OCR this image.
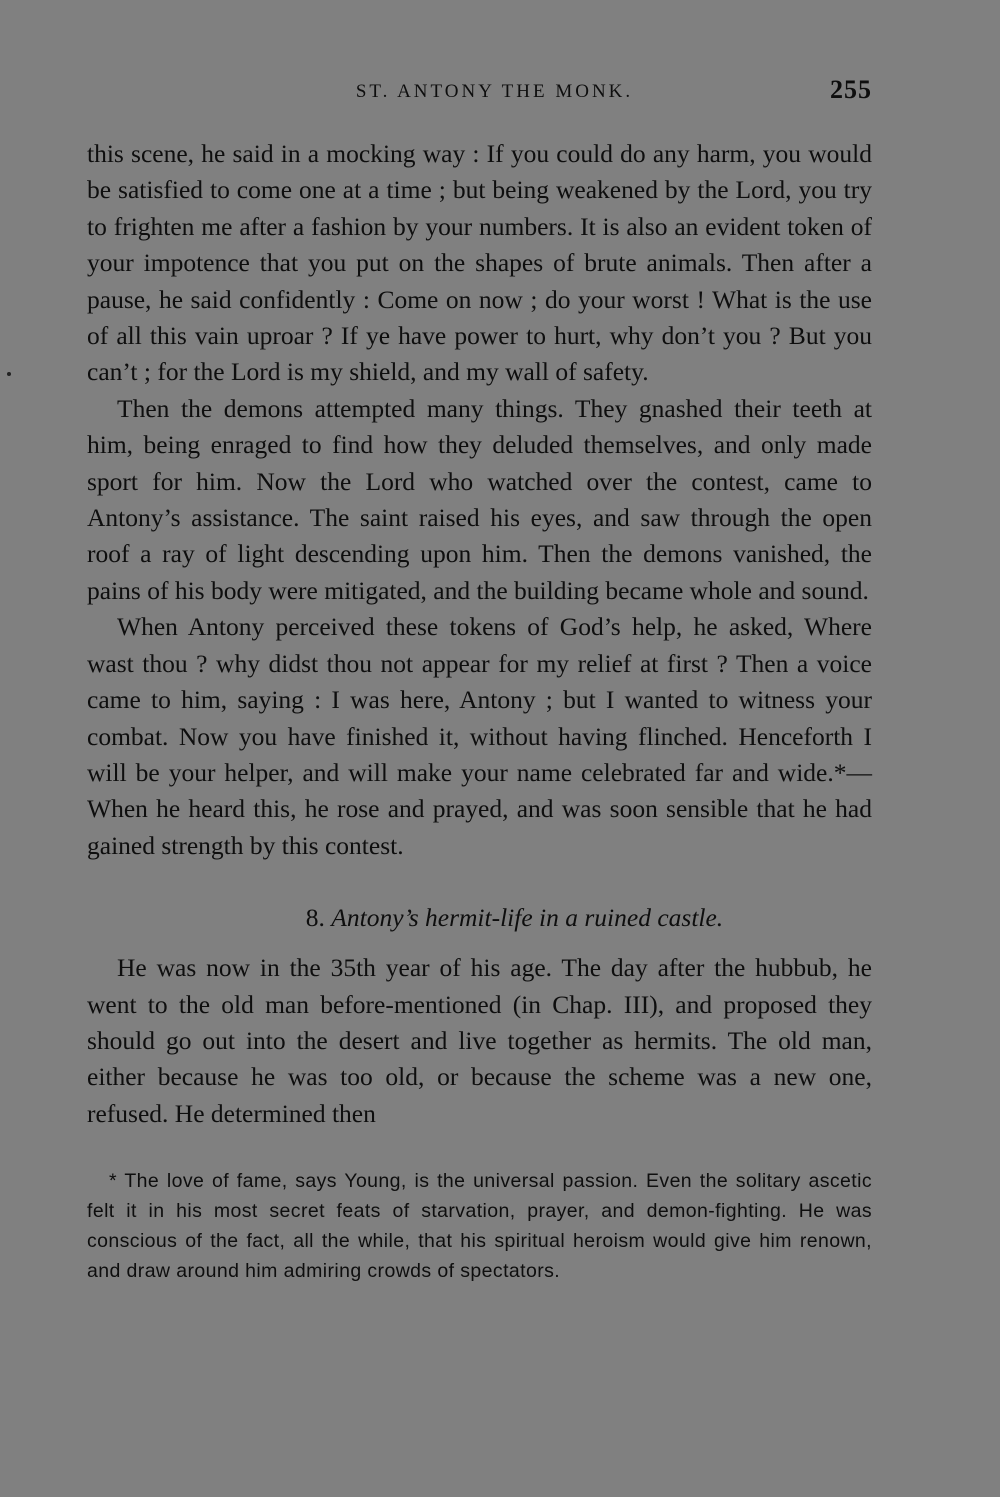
ST. ANTONY THE MONK.	255

this scene, he said in a mocking way : If you could do any harm, you would be satisfied to come one at a time ; but being weakened by the Lord, you try to frighten me after a fashion by your numbers. It is also an evident token of your impotence that you put on the shapes of brute animals. Then after a pause, he said confidently : Come on now ; do your worst ! What is the use of all this vain uproar ? If ye have power to hurt, why don’t you ? But you can’t ; for the Lord is my shield, and my wall of safety.

Then the demons attempted many things. They gnashed their teeth at him, being enraged to find how they deluded themselves, and only made sport for him. Now the Lord who watched over the contest, came to Antony’s assistance. The saint raised his eyes, and saw through the open roof a ray of light descending upon him. Then the demons vanished, the pains of his body were mitigated, and the building became whole and sound.

When Antony perceived these tokens of God’s help, he asked, Where wast thou ? why didst thou not appear for my relief at first ? Then a voice came to him, saying : I was here, Antony ; but I wanted to witness your combat. Now you have finished it, without having flinched. Henceforth I will be your helper, and will make your name celebrated far and wide.*— When he heard this, he rose and prayed, and was soon sensible that he had gained strength by this contest.

8. Antony’s hermit-life in a ruined castle.

He was now in the 35th year of his age. The day after the hubbub, he went to the old man before-mentioned (in Chap. III), and proposed they should go out into the desert and live together as hermits. The old man, either because he was too old, or because the scheme was a new one, refused. He determined then

* The love of fame, says Young, is the universal passion. Even the solitary ascetic felt it in his most secret feats of starvation, prayer, and demon-fighting. He was conscious of the fact, all the while, that his spiritual heroism would give him renown, and draw around him admiring crowds of spectators.
